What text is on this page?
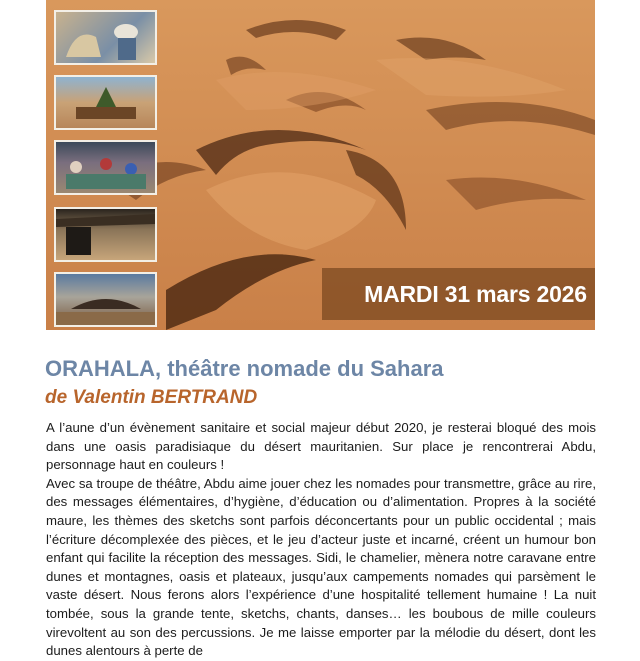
MARDI 31 mars 2026
ORAHALA, théâtre nomade du Sahara
de Valentin BERTRAND

A l’aune d’un évènement sanitaire et social majeur début 2020, je resterai bloqué des mois dans une oasis paradisiaque du désert mauritanien. Sur place je rencontrerai Abdu, personnage haut en couleurs !

Avec sa troupe de théâtre, Abdu aime jouer chez les nomades pour transmettre, grâce au rire, des messages élémentaires, d’hygiène, d’éducation ou d’alimentation. Propres à la société maure, les thèmes des sketchs sont parfois déconcertants pour un public occidental ; mais l’écriture décomplexée des pièces, et le jeu d’acteur juste et incarné, créent un humour bon enfant qui facilite la réception des messages. Sidi, le chamelier, mènera notre caravane entre dunes et montagnes, oasis et plateaux, jusqu’aux campements nomades qui parsèment le vaste désert. Nous ferons alors l’expérience d’une hospitalité tellement humaine ! La nuit tombée, sous la grande tente, sketchs, chants, danses… les boubous de mille couleurs virevoltent au son des percussions. Je me laisse emporter par la mélodie du désert, dont les dunes alentours à perte de
